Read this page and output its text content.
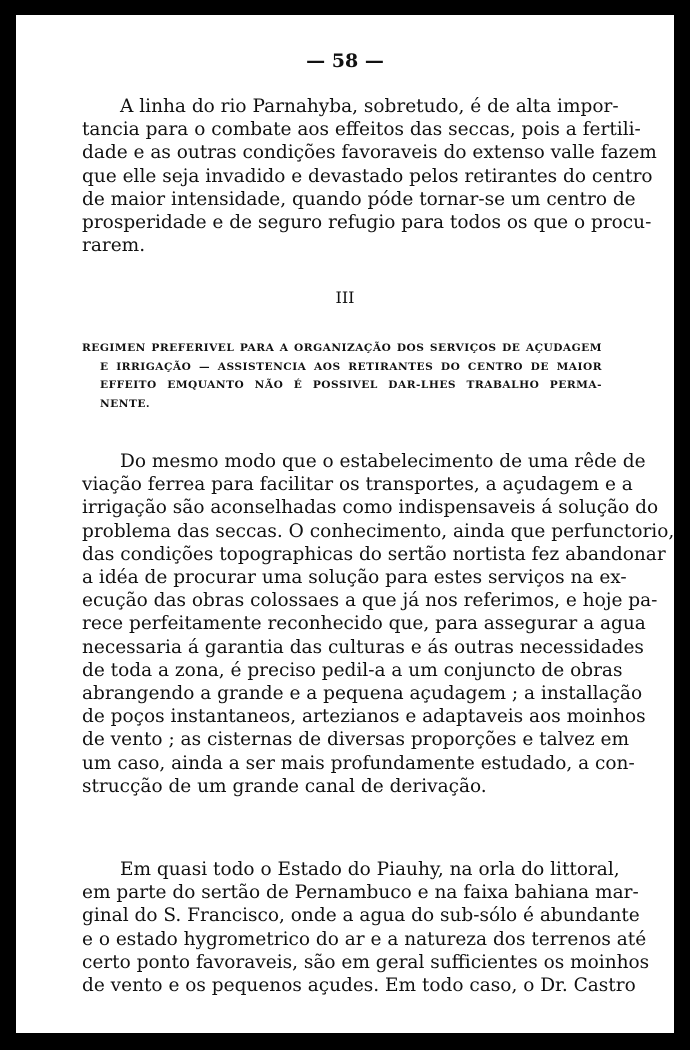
— 58 —

A linha do rio Parnahyba, sobretudo, é de alta impor-
tancia para o combate aos effeitos das seccas, pois a fertili-
dade e as outras condições favoraveis do extenso valle fazem
que elle seja invadido e devastado pelos retirantes do centro
de maior intensidade, quando póde tornar-se um centro de
prosperidade e de seguro refugio para todos os que o procu-
rarem.

III
REGIMEN PREFERIVEL PARA A ORGANIZAÇÃO DOS SERVIÇOS DE AÇUDAGEM
E IRRIGAÇÃO — ASSISTENCIA AOS RETIRANTES DO CENTRO DE MAIOR
EFFEITO EMQUANTO NÃO É POSSIVEL DAR-LHES TRABALHO PERMA-
NENTE.

Do mesmo modo que o estabelecimento de uma rêde de
viação ferrea para facilitar os transportes, a açudagem e a
irrigação são aconselhadas como indispensaveis á solução do
problema das seccas. O conhecimento, ainda que perfunctorio,
das condições topographicas do sertão nortista fez abandonar
a idéa de procurar uma solução para estes serviços na ex-
ecução das obras colossaes a que já nos referimos, e hoje pa-
rece perfeitamente reconhecido que, para assegurar a agua
necessaria á garantia das culturas e ás outras necessidades
de toda a zona, é preciso pedil-a a um conjuncto de obras
abrangendo a grande e a pequena açudagem ; a installação
de poços instantaneos, artezianos e adaptaveis aos moinhos
de vento ; as cisternas de diversas proporções e talvez em
um caso, ainda a ser mais profundamente estudado, a con-
strucção de um grande canal de derivação.

Em quasi todo o Estado do Piauhy, na orla do littoral,
em parte do sertão de Pernambuco e na faixa bahiana mar-
ginal do S. Francisco, onde a agua do sub-sólo é abundante
e o estado hygrometrico do ar e a natureza dos terrenos até
certo ponto favoraveis, são em geral sufficientes os moinhos
de vento e os pequenos açudes. Em todo caso, o Dr. Castro
